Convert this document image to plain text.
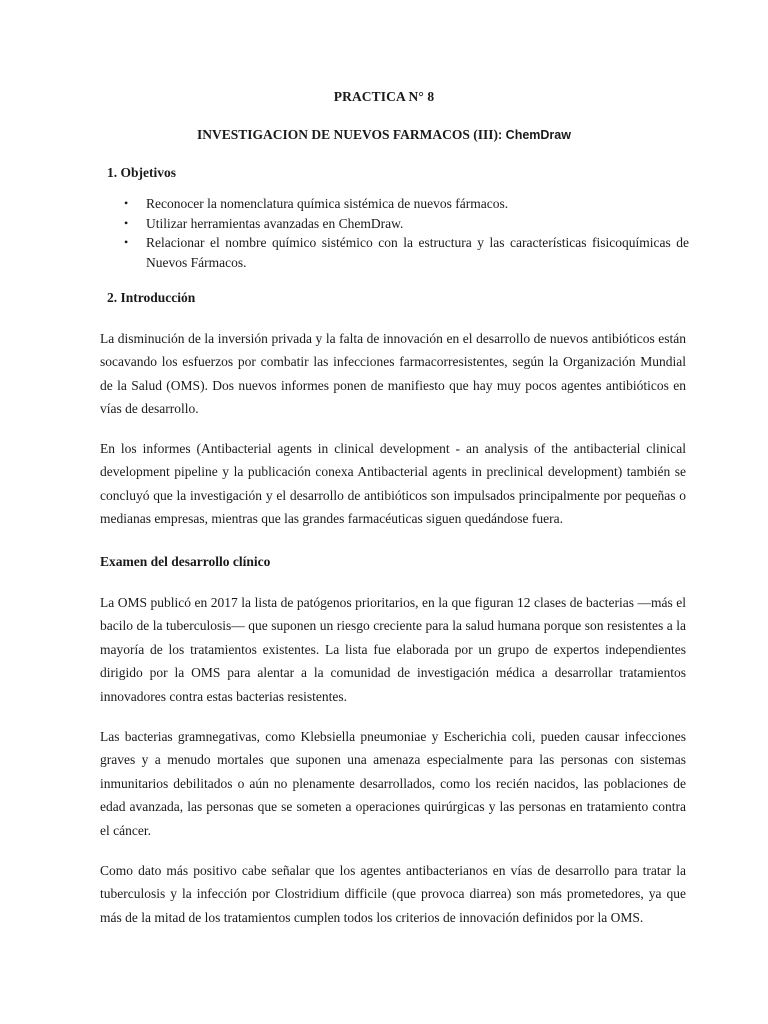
PRACTICA N° 8
INVESTIGACION DE NUEVOS FARMACOS (III): ChemDraw
1. Objetivos
• Reconocer la nomenclatura química sistémica de nuevos fármacos.
• Utilizar herramientas avanzadas en ChemDraw.
• Relacionar el nombre químico sistémico con la estructura y las características fisicoquímicas de Nuevos Fármacos.
2. Introducción

La disminución de la inversión privada y la falta de innovación en el desarrollo de nuevos antibióticos están socavando los esfuerzos por combatir las infecciones farmacorresistentes, según la Organización Mundial de la Salud (OMS). Dos nuevos informes ponen de manifiesto que hay muy pocos agentes antibióticos en vías de desarrollo.

En los informes (Antibacterial agents in clinical development - an analysis of the antibacterial clinical development pipeline y la publicación conexa Antibacterial agents in preclinical development) también se concluyó que la investigación y el desarrollo de antibióticos son impulsados principalmente por pequeñas o medianas empresas, mientras que las grandes farmacéuticas siguen quedándose fuera.

Examen del desarrollo clínico

La OMS publicó en 2017 la lista de patógenos prioritarios, en la que figuran 12 clases de bacterias —más el bacilo de la tuberculosis— que suponen un riesgo creciente para la salud humana porque son resistentes a la mayoría de los tratamientos existentes. La lista fue elaborada por un grupo de expertos independientes dirigido por la OMS para alentar a la comunidad de investigación médica a desarrollar tratamientos innovadores contra estas bacterias resistentes.

Las bacterias gramnegativas, como Klebsiella pneumoniae y Escherichia coli, pueden causar infecciones graves y a menudo mortales que suponen una amenaza especialmente para las personas con sistemas inmunitarios debilitados o aún no plenamente desarrollados, como los recién nacidos, las poblaciones de edad avanzada, las personas que se someten a operaciones quirúrgicas y las personas en tratamiento contra el cáncer.

Como dato más positivo cabe señalar que los agentes antibacterianos en vías de desarrollo para tratar la tuberculosis y la infección por Clostridium difficile (que provoca diarrea) son más prometedores, ya que más de la mitad de los tratamientos cumplen todos los criterios de innovación definidos por la OMS.
